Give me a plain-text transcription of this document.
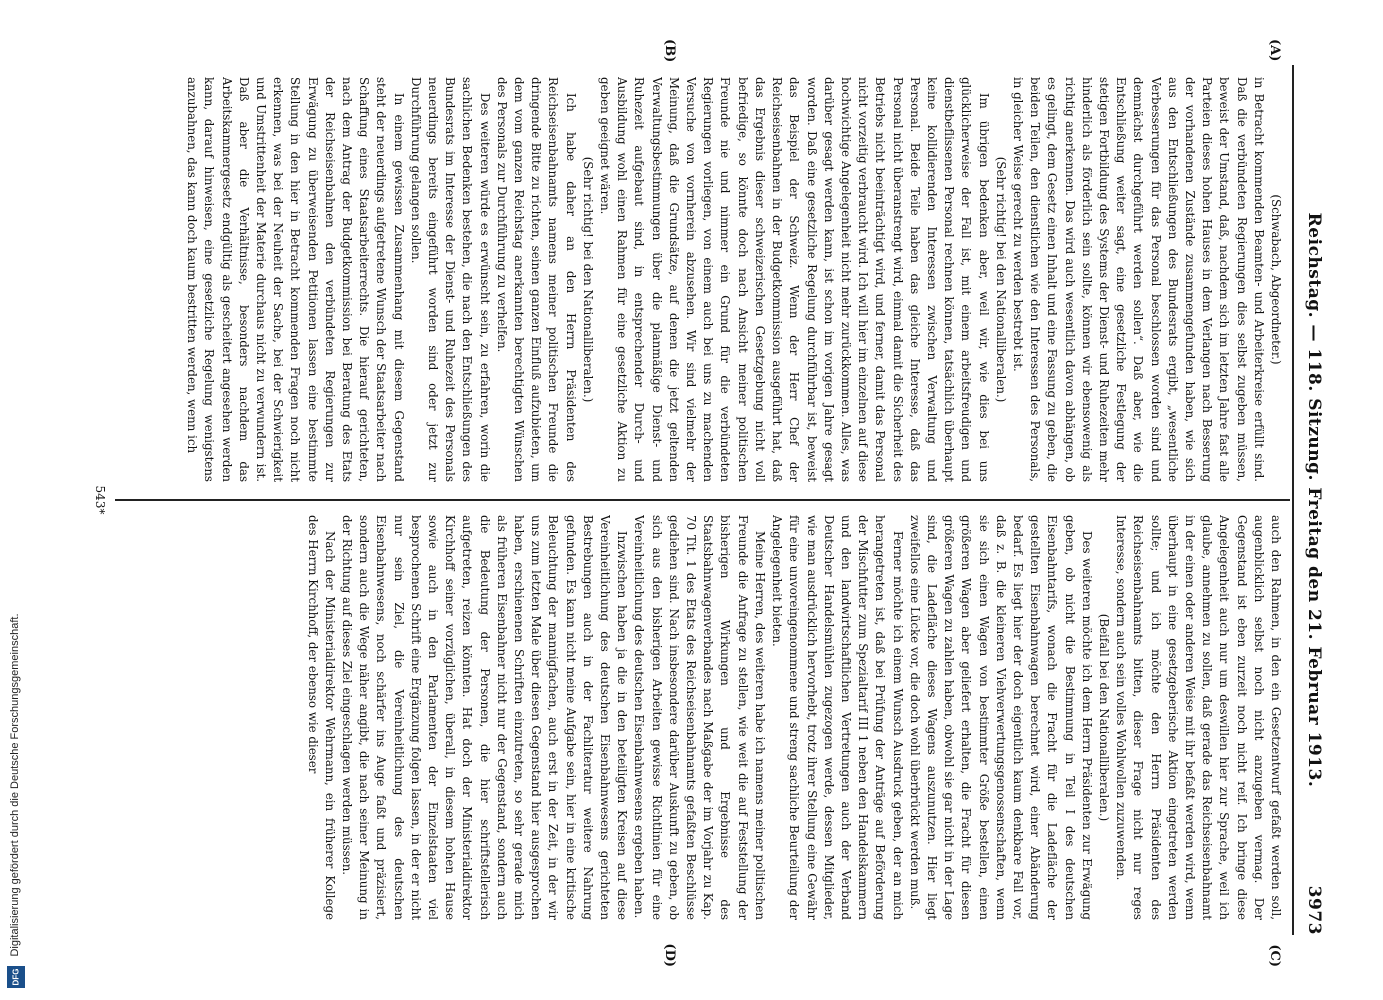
Reichstag. — 118. Sitzung. Freitag den 21. Februar 1913.
3973

(Schwabach, Abgeordneter.)

in Betracht kommenden Beamten- und Arbeiterkreise erfüllt sind. Daß die verbündeten Regierungen dies selbst zugeben müssen, beweist der Umstand, daß, nachdem sich im letzten Jahre fast alle Parteien dieses hohen Hauses in dem Verlangen nach Besserung der vorhandenen Zustände zusammengefunden haben, wie sich aus den Entschließungen des Bundesrats ergibt, „wesentliche Verbesserungen für das Personal beschlossen worden sind und demnächst durchgeführt werden sollen“. Daß aber, wie die Entschließung weiter sagt, eine gesetzliche Festlegung der stetigen Fortbildung des Systems der Dienst- und Ruhezeiten mehr hinderlich als förderlich sein sollte, können wir ebensowenig als richtig anerkennen. Das wird auch wesentlich davon abhängen, ob es gelingt, dem Gesetz einen Inhalt und eine Fassung zu geben, die beiden Teilen, den dienstlichen wie den Interessen des Personals, in gleicher Weise gerecht zu werden bestrebt ist.

(Sehr richtig! bei den Nationalliberalen.)

Im übrigen bedenken aber, weil wir, wie dies bei uns glücklicherweise der Fall ist, mit einem arbeitsfreudigen und dienstbeflissenen Personal rechnen können, tatsächlich überhaupt keine kollidierenden Interessen zwischen Verwaltung und Personal. Beide Teile haben das gleiche Interesse, daß das Personal nicht überanstrengt wird, einmal damit die Sicherheit des Betriebs nicht beeinträchtigt wird, und ferner, damit das Personal nicht vorzeitig verbraucht wird. Ich will hier im einzelnen auf diese hochwichtige Angelegenheit nicht mehr zurückkommen. Alles, was darüber gesagt werden kann, ist schon im vorigen Jahre gesagt worden. Daß eine gesetzliche Regelung durchführbar ist, beweist das Beispiel der Schweiz. Wenn der Herr Chef der Reichseisenbahnen in der Budgetkommission ausgeführt hat, daß das Ergebnis dieser schweizerischen Gesetzgebung nicht voll befriedige, so könnte doch nach Ansicht meiner politischen Freunde nie und nimmer ein Grund für die verbündeten Regierungen vorliegen, von einem auch bei uns zu machenden Versuche von vornherein abzusehen. Wir sind vielmehr der Meinung, daß die Grundsätze, auf denen die jetzt geltenden Verwaltungsbestimmungen über die planmäßige Dienst- und Ruhezeit aufgebaut sind, in entsprechender Durch- und Ausbildung wohl einen Rahmen für eine gesetzliche Aktion zu geben geeignet wären.

(Sehr richtig! bei den Nationalliberalen.)

Ich habe daher an den Herrn Präsidenten des Reichseisenbahnamts namens meiner politischen Freunde die dringende Bitte zu richten, seinen ganzen Einfluß aufzubieten, um dem vom ganzen Reichstag anerkannten berechtigten Wünschen des Personals zur Durchführung zu verhelfen.

Des weiteren würde es erwünscht sein, zu erfahren, worin die sachlichen Bedenken bestehen, die nach den Entschließungen des Bundesrats im Interesse der Dienst- und Ruhezeit des Personals neuerdings bereits eingeführt worden sind oder jetzt zur Durchführung gelangen sollen.

In einem gewissen Zusammenhang mit diesem Gegenstand steht der neuerdings aufgetretene Wunsch der Staatsarbeiter nach Schaffung eines Staatsarbeiterrechts. Die hierauf gerichteten, nach dem Antrag der Budgetkommission bei Beratung des Etats der Reichseisenbahnen den verbündeten Regierungen zur Erwägung zu überweisenden Petitionen lassen eine bestimmte Stellung in den hier in Betracht kommenden Fragen noch nicht erkennen, was bei der Neuheit der Sache, bei der Schwierigkeit und Umstrittenheit der Materie durchaus nicht zu verwundern ist. Daß aber die Verhältnisse, besonders nachdem das Arbeitskammergesetz endgültig als gescheitert angesehen werden kann, darauf hinweisen, eine gesetzliche Regelung wenigstens anzubahnen, das kann doch kaum bestritten werden, wenn ich

auch den Rahmen, in den ein Gesetzentwurf gefaßt werden soll, augenblicklich selbst noch nicht anzugeben vermag. Der Gegenstand ist eben zurzeit noch nicht reif. Ich bringe diese Angelegenheit auch nur um deswillen hier zur Sprache, weil ich glaube, annehmen zu sollen, daß gerade das Reichseisenbahnamt in der einen oder anderen Weise mit ihr befaßt werden wird, wenn überhaupt in eine gesetzgeberische Aktion eingetreten werden sollte; und ich möchte den Herrn Präsidenten des Reichseisenbahnamts bitten, dieser Frage nicht nur reges Interesse, sondern auch sein volles Wohlwollen zuzuwenden.

(Beifall bei den Nationalliberalen.)

Des weiteren möchte ich dem Herrn Präsidenten zur Erwägung geben, ob nicht die Bestimmung in Teil I des deutschen Eisenbahntarifs, wonach die Fracht für die Ladefläche der gestellten Eisenbahnwagen berechnet wird, einer Abänderung bedarf. Es liegt hier der doch eigentlich kaum denkbare Fall vor, daß z. B. die kleineren Viehverwertungsgenossenschaften, wenn sie sich einen Wagen von bestimmter Größe bestellen, einen größeren Wagen aber geliefert erhalten, die Fracht für diesen größeren Wagen zu zahlen haben, obwohl sie gar nicht in der Lage sind, die Ladefläche dieses Wagens auszunutzen. Hier liegt zweifellos eine Lücke vor, die doch wohl überbrückt werden muß.

Ferner möchte ich einem Wunsch Ausdruck geben, der an mich herangetreten ist, daß bei Prüfung der Anträge auf Beförderung der Mischfutter zum Spezialtarif III 1 neben den Handelskammern und den landwirtschaftlichen Vertretungen auch der Verband Deutscher Handelsmühlen zugezogen werde, dessen Mitglieder, wie man ausdrücklich hervorhebt, trotz ihrer Stellung eine Gewähr für eine unvoreingenommene und streng sachliche Beurteilung der Angelegenheit bieten.

Meine Herren, des weiteren habe ich namens meiner politischen Freunde die Anfrage zu stellen, wie weit die auf Feststellung der bisherigen Wirkungen und Ergebnisse des Staatsbahnwagenverbandes nach Maßgabe der im Vorjahr zu Kap. 70 Tit. 1 des Etats des Reichseisenbahnamts gefaßten Beschlüsse gediehen sind. Nach insbesondere darüber Auskunft zu geben, ob sich aus den bisherigen Arbeiten gewisse Richtlinien für eine Vereinheitlichung des deutschen Eisenbahnwesens ergeben haben.

Inzwischen haben ja die in den beteiligten Kreisen auf diese Vereinheitlichung des deutschen Eisenbahnwesens gerichteten Bestrebungen auch in der Fachliteratur weitere Nahrung gefunden. Es kann nicht meine Aufgabe sein, hier in eine kritische Beleuchtung der mannigfachen, auch erst in der Zeit, in der wir uns zum letzten Male über diesen Gegenstand hier ausgesprochen haben, erschienenen Schriften einzutreten, so sehr gerade mich als früheren Eisenbahner nicht nur der Gegenstand, sondern auch die Bedeutung der Personen, die hier schriftstellerisch aufgetreten, reizen könnten. Hat doch der Ministerialdirektor Kirchhoff seiner vorzüglichen, überall, in diesem hohen Hause sowie auch in den Parlamenten der Einzelstaaten viel besprochenen Schrift eine Ergänzung folgen lassen, in der er nicht nur sein Ziel, die Vereinheitlichung des deutschen Eisenbahnwesens, noch schärfer ins Auge faßt und präzisiert, sondern auch die Wege näher angibt, die nach seiner Meinung in der Richtung auf dieses Ziel eingeschlagen werden müssen.

Nach der Ministerialdirektor Wehrmann, ein früherer Kollege des Herrn Kirchhoff, der ebenso wie dieser

(A)
(B)
(C)
(D)
543*
Digitalisierung gefördert durch die Deutsche Forschungsgemeinschaft.
DFG
